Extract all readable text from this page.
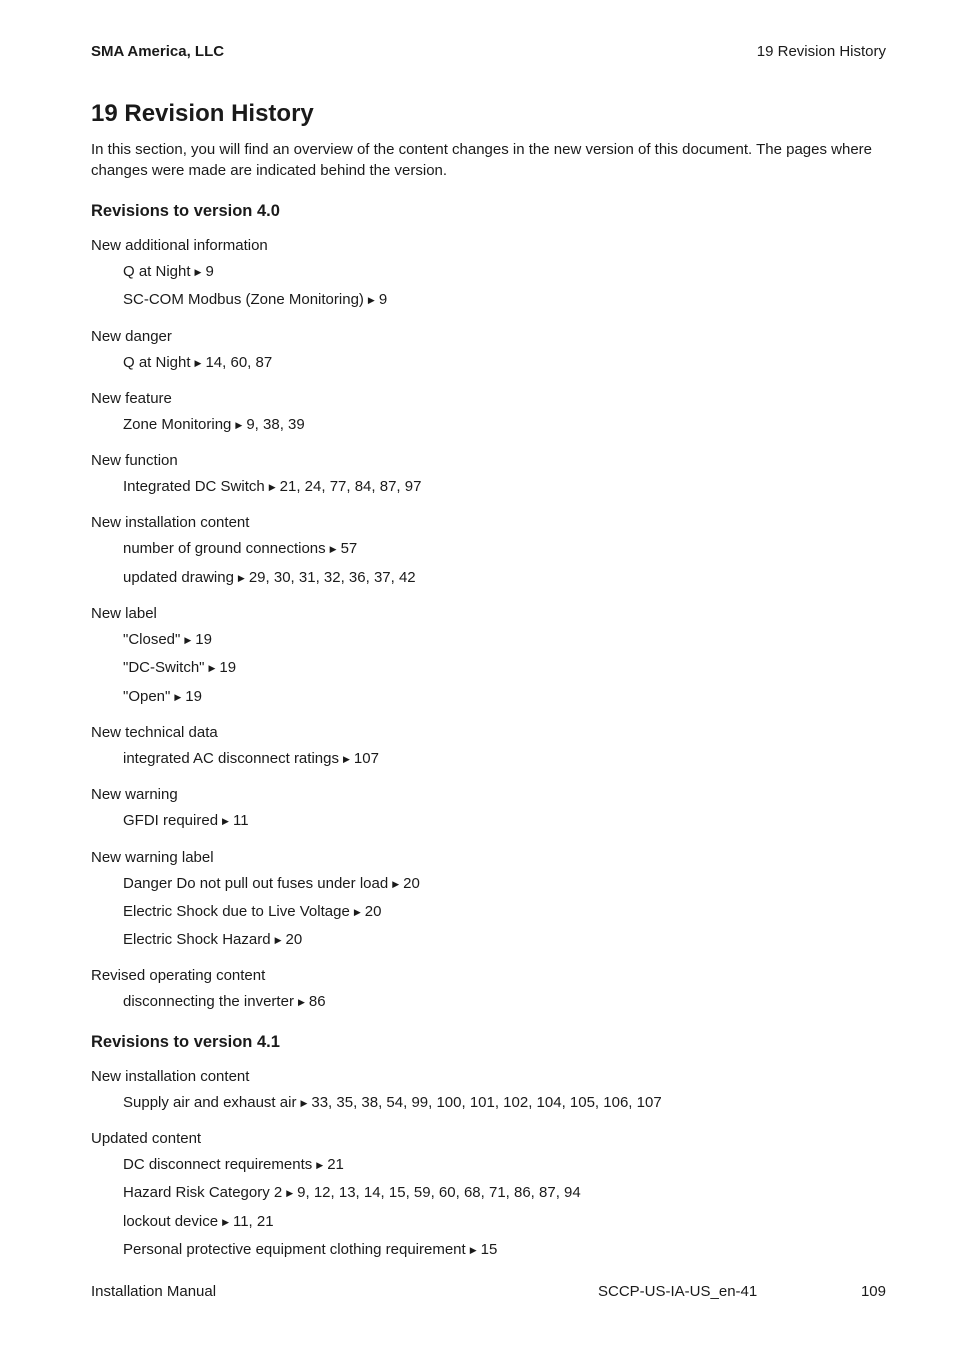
SMA America, LLC	19 Revision History
19 Revision History

In this section, you will find an overview of the content changes in the new version of this document. The pages where changes were made are indicated behind the version.

Revisions to version 4.0

New additional information

Q at Night ▶ 9
SC-COM Modbus (Zone Monitoring) ▶ 9

New danger

Q at Night ▶ 14, 60, 87

New feature

Zone Monitoring ▶ 9, 38, 39

New function

Integrated DC Switch ▶ 21, 24, 77, 84, 87, 97

New installation content

number of ground connections ▶ 57
updated drawing ▶ 29, 30, 31, 32, 36, 37, 42

New label

"Closed" ▶ 19
"DC-Switch" ▶ 19
"Open" ▶ 19

New technical data

integrated AC disconnect ratings ▶ 107

New warning

GFDI required ▶ 11

New warning label

Danger Do not pull out fuses under load ▶ 20
Electric Shock due to Live Voltage ▶ 20
Electric Shock Hazard ▶ 20

Revised operating content

disconnecting the inverter ▶ 86
Revisions to version 4.1

New installation content

Supply air and exhaust air ▶ 33, 35, 38, 54, 99, 100, 101, 102, 104, 105, 106, 107

Updated content

DC disconnect requirements ▶ 21
Hazard Risk Category 2 ▶ 9, 12, 13, 14, 15, 59, 60, 68, 71, 86, 87, 94
lockout device ▶ 11, 21
Personal protective equipment clothing requirement ▶ 15
Installation Manual	SCCP-US-IA-US_en-41	109
